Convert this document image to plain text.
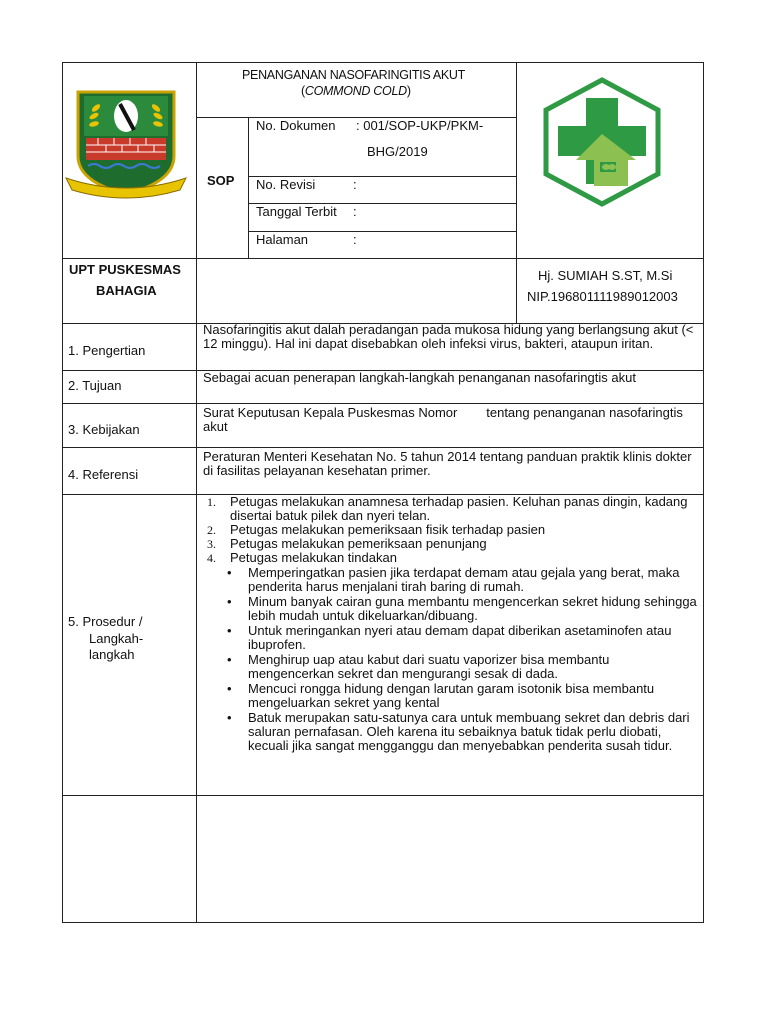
PENANGANAN NASOFARINGITIS AKUT
(COMMOND COLD)
SOP
No. Dokumen : 001/SOP-UKP/PKM-
BHG/2019
No. Revisi	:
Tanggal Terbit :
Halaman	:
UPT PUSKESMAS
BAHAGIA
Hj. SUMIAH S.ST, M.Si
NIP.196801111989012003
1. Pengertian
Nasofaringitis akut dalah peradangan pada mukosa hidung yang berlangsung akut (< 12 minggu). Hal ini dapat disebabkan oleh infeksi virus, bakteri, ataupun iritan.
2. Tujuan
Sebagai acuan penerapan langkah-langkah penanganan nasofaringtis akut
3. Kebijakan
Surat Keputusan Kepala Puskesmas Nomor        tentang penanganan nasofaringtis akut
4. Referensi
Peraturan Menteri Kesehatan No. 5 tahun 2014 tentang panduan praktik klinis dokter di fasilitas pelayanan kesehatan primer.
5. Prosedur /
Langkah-
langkah
1. Petugas melakukan anamnesa terhadap pasien. Keluhan panas dingin, kadang disertai batuk pilek dan nyeri telan.
2. Petugas melakukan pemeriksaan fisik terhadap pasien
3. Petugas melakukan pemeriksaan penunjang
4. Petugas melakukan tindakan
• Memperingatkan pasien jika terdapat demam atau gejala yang berat, maka penderita harus menjalani tirah baring di rumah.
• Minum banyak cairan guna membantu mengencerkan sekret hidung sehingga lebih mudah untuk dikeluarkan/dibuang.
• Untuk meringankan nyeri atau demam dapat diberikan asetaminofen atau ibuprofen.
• Menghirup uap atau kabut dari suatu vaporizer bisa membantu mengencerkan sekret dan mengurangi sesak di dada.
• Mencuci rongga hidung dengan larutan garam isotonik bisa membantu mengeluarkan sekret yang kental
• Batuk merupakan satu-satunya cara untuk membuang sekret dan debris dari saluran pernafasan. Oleh karena itu sebaiknya batuk tidak perlu diobati, kecuali jika sangat mengganggu dan menyebabkan penderita susah tidur.
